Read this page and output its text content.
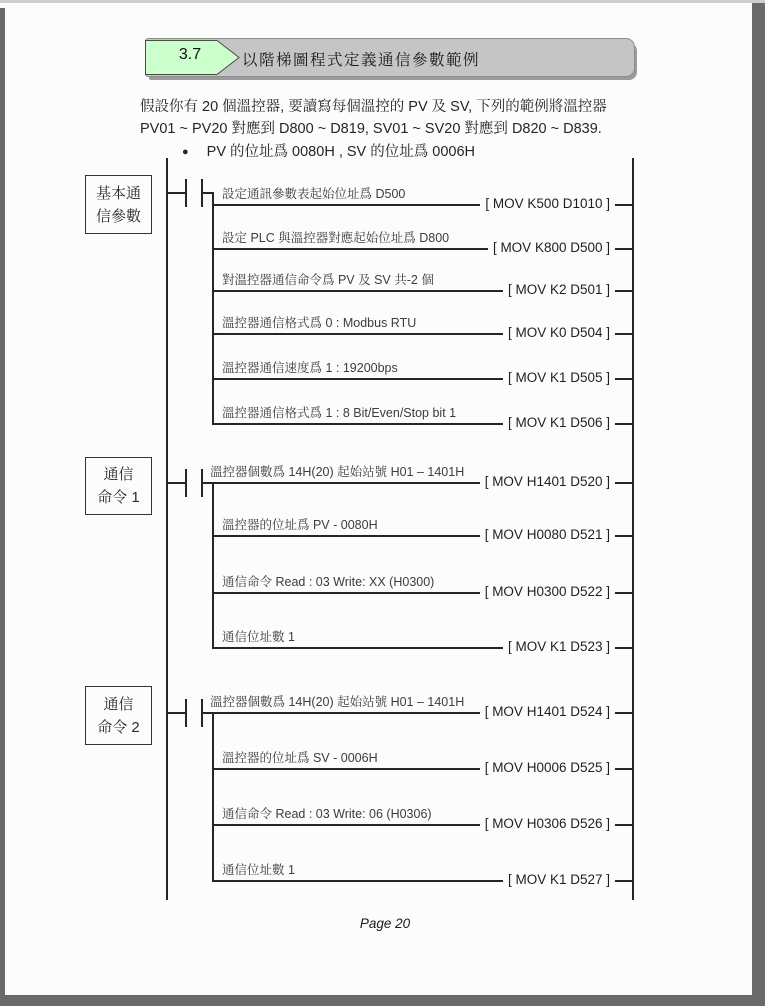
3.7	以階梯圖程式定義通信參數範例
假設你有 20 個溫控器, 要讀寫每個溫控的 PV 及 SV, 下列的範例將溫控器
PV01 ~ PV20 對應到 D800 ~ D819, SV01 ~ SV20 對應到 D820 ~ D839.
● PV 的位址爲 0080H , SV 的位址爲 0006H
基本通
信參數
設定通訊參數表起始位址爲 D500
[ MOV K500 D1010 ]
設定 PLC 與溫控器對應起始位址爲 D800
[ MOV K800 D500 ]
對溫控器通信命令爲 PV 及 SV 共-2 個
[ MOV K2 D501 ]
溫控器通信格式爲 0 : Modbus RTU
[ MOV K0 D504 ]
溫控器通信速度爲 1 : 19200bps
[ MOV K1 D505 ]
溫控器通信格式爲 1 : 8 Bit/Even/Stop bit 1
[ MOV K1 D506 ]
通信
命令 1
溫控器個數爲 14H(20) 起始站號 H01 – 1401H
[ MOV H1401 D520 ]
溫控器的位址爲 PV - 0080H
[ MOV H0080 D521 ]
通信命令 Read : 03 Write: XX (H0300)
[ MOV H0300 D522 ]
通信位址數 1
[ MOV K1 D523 ]
通信
命令 2
溫控器個數爲 14H(20) 起始站號 H01 – 1401H
[ MOV H1401 D524 ]
溫控器的位址爲 SV - 0006H
[ MOV H0006 D525 ]
通信命令 Read : 03 Write: 06 (H0306)
[ MOV H0306 D526 ]
通信位址數 1
[ MOV K1 D527 ]
Page 20
